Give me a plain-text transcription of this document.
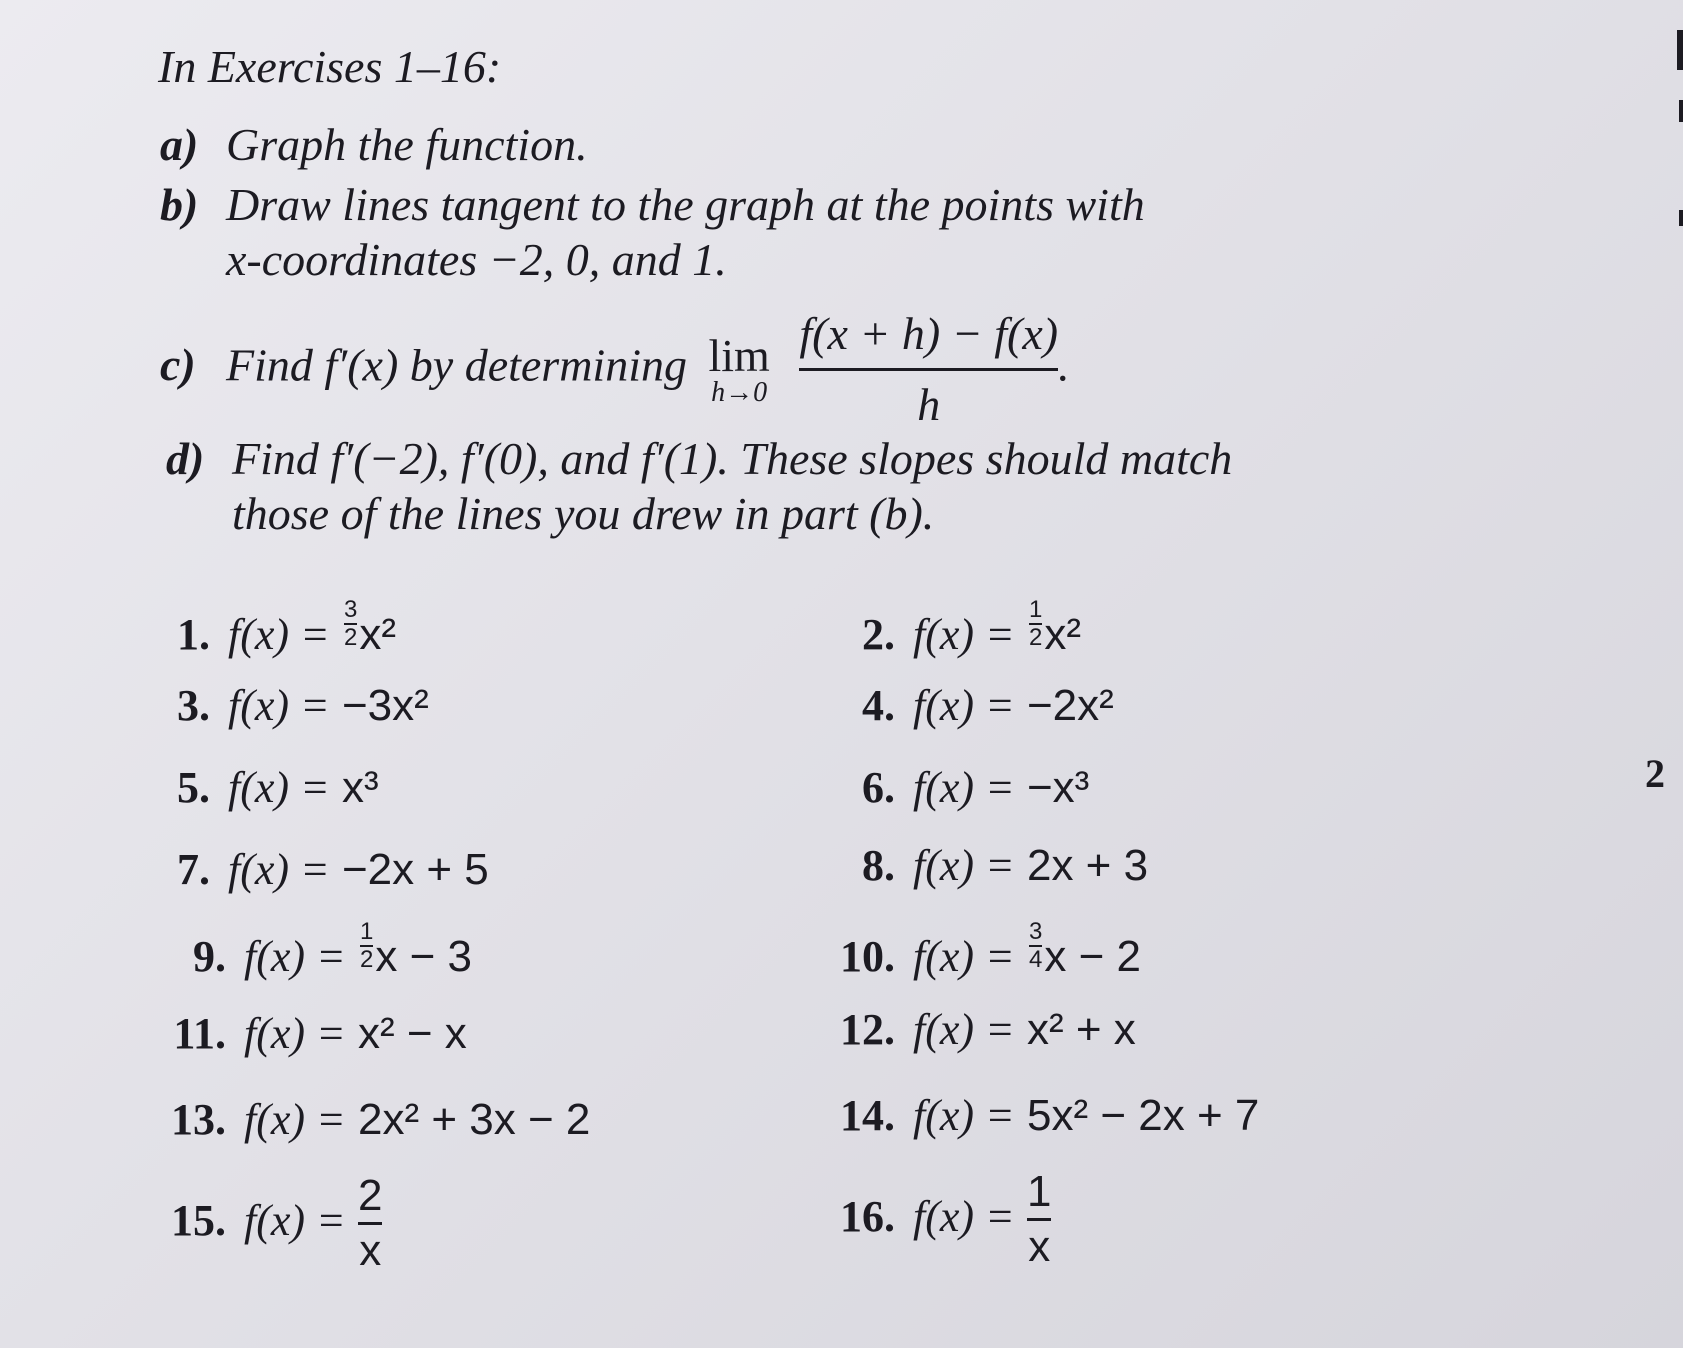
In Exercises 1–16:
a) Graph the function.
b) Draw lines tangent to the graph at the points with
x-coordinates −2, 0, and 1.
c) Find f′(x) by determining lim
h→0
$\frac{f(x + h) - f(x)}{h}$ .
d) Find f′(−2), f′(0), and f′(1). These slopes should match
those of the lines you drew in part (b).
1. $f(x) = \frac{3}{2} x^2$
3. f(x) = −3x²
5. f(x) = x³
7. f(x) = −2x + 5
9. $f(x) = \frac{1}{2}$ x − 3
11. f(x) = x² − x
13. f(x) = 2x² + 3x − 2
15. $f(x) = \frac{2}{x}$
2. $f(x) = \frac{1}{2} x^2$
4. f(x) = −2x²
6. f(x) = −x³
8. f(x) = 2x + 3
10. $f(x) = \frac{3}{4}$ x − 2
12. f(x) = x² + x
14. f(x) = 5x² − 2x + 7
16. $f(x) = \frac{1}{x}$
2
